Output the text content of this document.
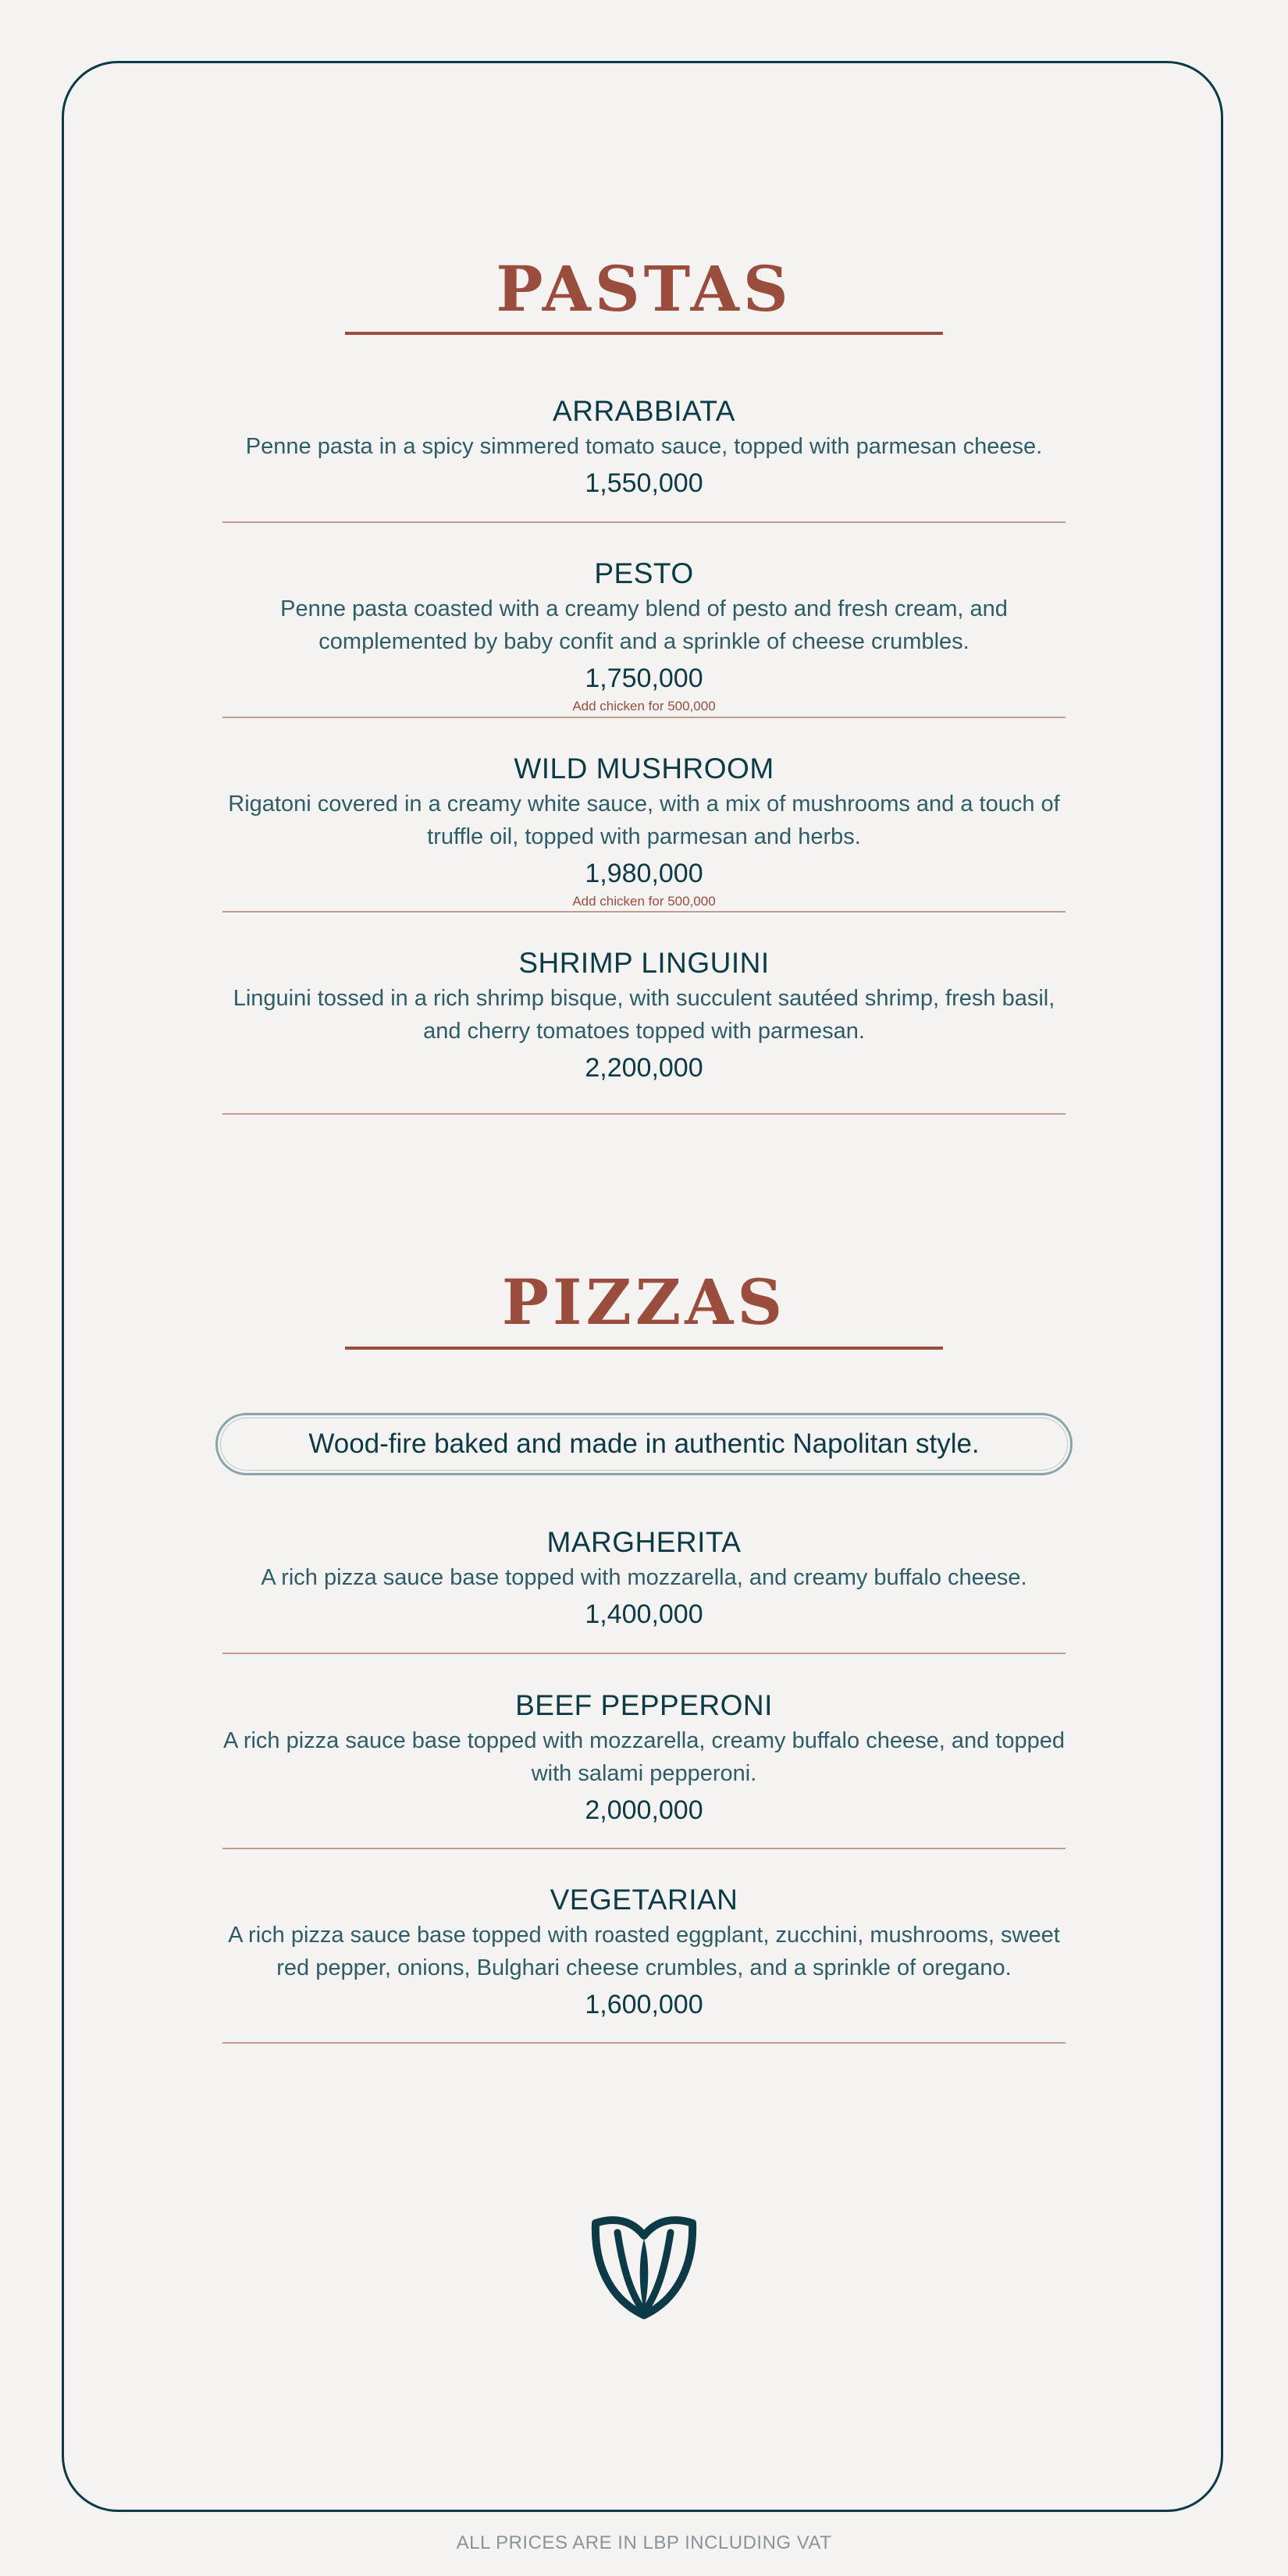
PASTAS
ARRABBIATA
Penne pasta in a spicy simmered tomato sauce, topped with parmesan cheese.
1,550,000
PESTO
Penne pasta coasted with a creamy blend of pesto and fresh cream, and complemented by baby confit and a sprinkle of cheese crumbles.
1,750,000
Add chicken for 500,000
WILD MUSHROOM
Rigatoni covered in a creamy white sauce, with a mix of mushrooms and a touch of truffle oil, topped with parmesan and herbs.
1,980,000
Add chicken for 500,000
SHRIMP LINGUINI
Linguini tossed in a rich shrimp bisque, with succulent sautéed shrimp, fresh basil, and cherry tomatoes topped with parmesan.
2,200,000
PIZZAS
Wood-fire baked and made in authentic Napolitan style.
MARGHERITA
A rich pizza sauce base topped with mozzarella, and creamy buffalo cheese.
1,400,000
BEEF PEPPERONI
A rich pizza sauce base topped with mozzarella, creamy buffalo cheese, and topped with salami pepperoni.
2,000,000
VEGETARIAN
A rich pizza sauce base topped with roasted eggplant, zucchini, mushrooms, sweet red pepper, onions, Bulghari cheese crumbles, and a sprinkle of oregano.
1,600,000
ALL PRICES ARE IN LBP INCLUDING VAT
